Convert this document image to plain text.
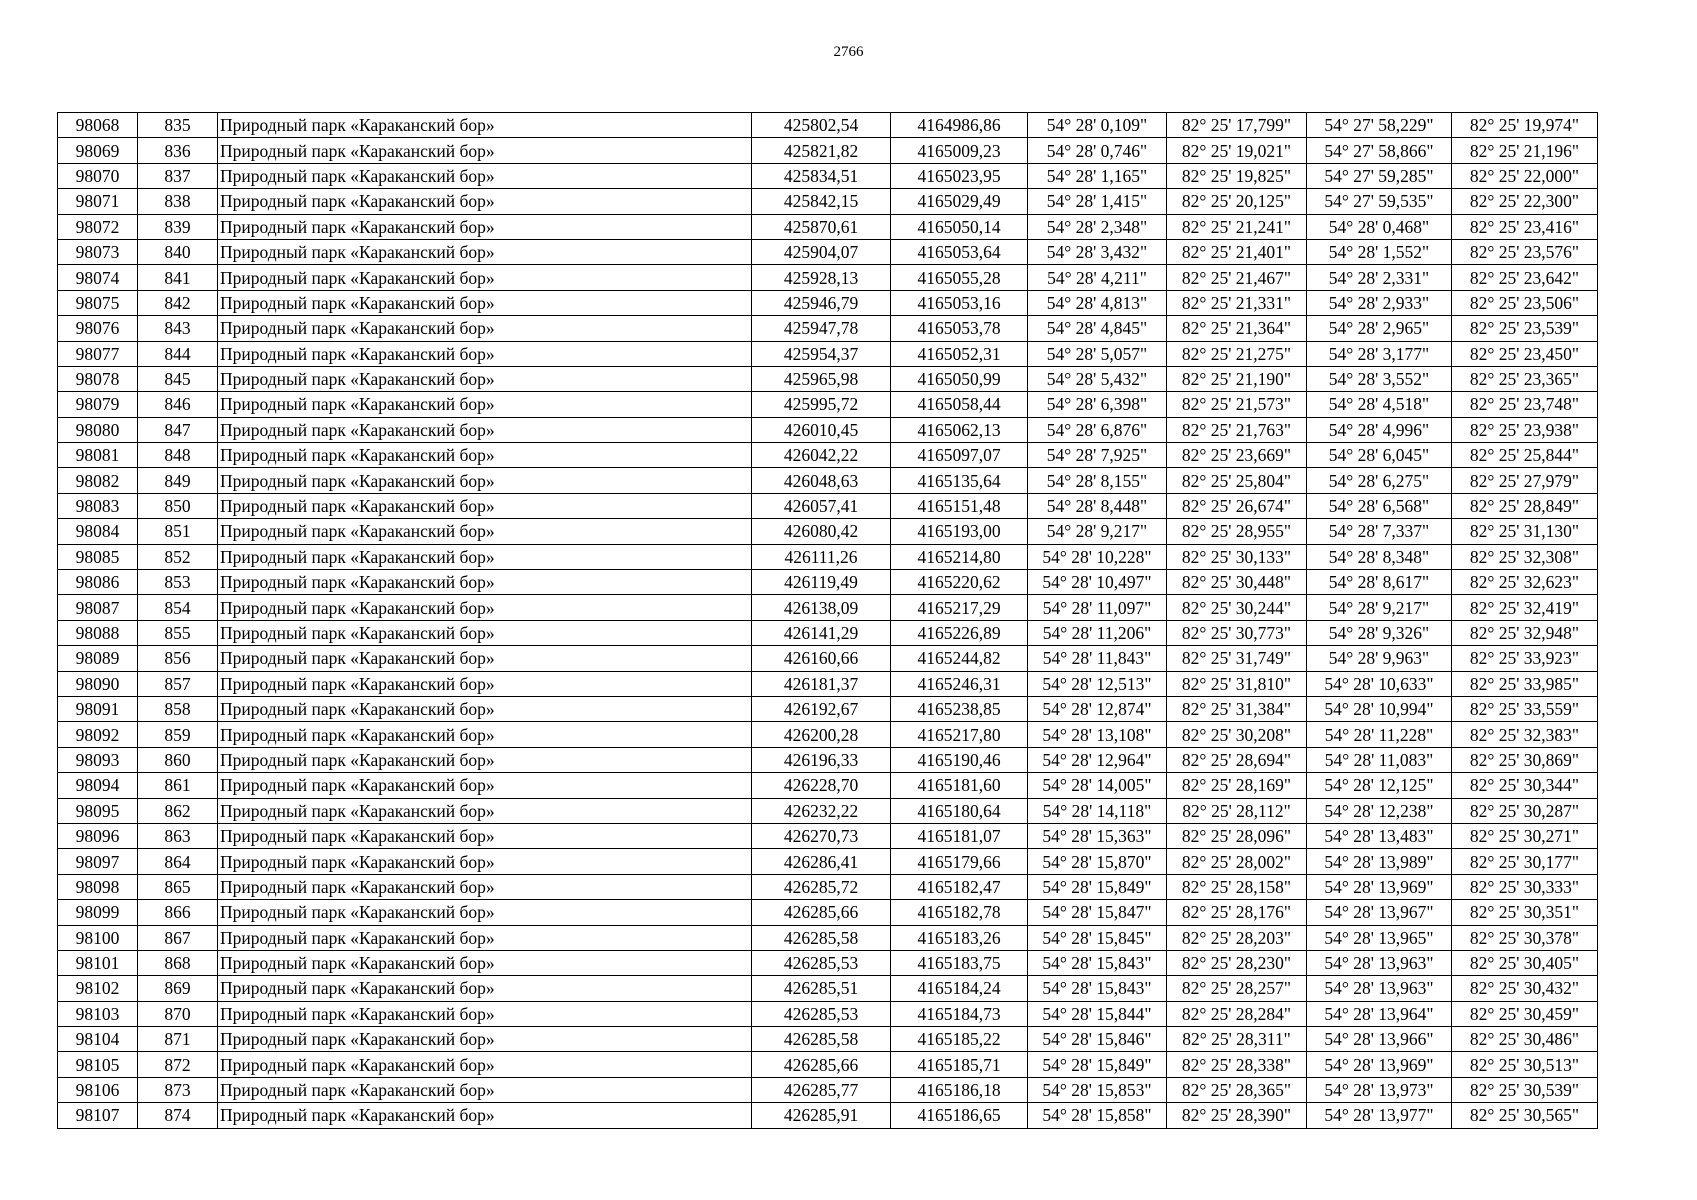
2766
98068	835	Природный парк «Караканский бор»	425802,54	4164986,86	54° 28' 0,109"	82° 25' 17,799"	54° 27' 58,229"	82° 25' 19,974"
98069	836	Природный парк «Караканский бор»	425821,82	4165009,23	54° 28' 0,746"	82° 25' 19,021"	54° 27' 58,866"	82° 25' 21,196"
98070	837	Природный парк «Караканский бор»	425834,51	4165023,95	54° 28' 1,165"	82° 25' 19,825"	54° 27' 59,285"	82° 25' 22,000"
98071	838	Природный парк «Караканский бор»	425842,15	4165029,49	54° 28' 1,415"	82° 25' 20,125"	54° 27' 59,535"	82° 25' 22,300"
98072	839	Природный парк «Караканский бор»	425870,61	4165050,14	54° 28' 2,348"	82° 25' 21,241"	54° 28' 0,468"	82° 25' 23,416"
98073	840	Природный парк «Караканский бор»	425904,07	4165053,64	54° 28' 3,432"	82° 25' 21,401"	54° 28' 1,552"	82° 25' 23,576"
98074	841	Природный парк «Караканский бор»	425928,13	4165055,28	54° 28' 4,211"	82° 25' 21,467"	54° 28' 2,331"	82° 25' 23,642"
98075	842	Природный парк «Караканский бор»	425946,79	4165053,16	54° 28' 4,813"	82° 25' 21,331"	54° 28' 2,933"	82° 25' 23,506"
98076	843	Природный парк «Караканский бор»	425947,78	4165053,78	54° 28' 4,845"	82° 25' 21,364"	54° 28' 2,965"	82° 25' 23,539"
98077	844	Природный парк «Караканский бор»	425954,37	4165052,31	54° 28' 5,057"	82° 25' 21,275"	54° 28' 3,177"	82° 25' 23,450"
98078	845	Природный парк «Караканский бор»	425965,98	4165050,99	54° 28' 5,432"	82° 25' 21,190"	54° 28' 3,552"	82° 25' 23,365"
98079	846	Природный парк «Караканский бор»	425995,72	4165058,44	54° 28' 6,398"	82° 25' 21,573"	54° 28' 4,518"	82° 25' 23,748"
98080	847	Природный парк «Караканский бор»	426010,45	4165062,13	54° 28' 6,876"	82° 25' 21,763"	54° 28' 4,996"	82° 25' 23,938"
98081	848	Природный парк «Караканский бор»	426042,22	4165097,07	54° 28' 7,925"	82° 25' 23,669"	54° 28' 6,045"	82° 25' 25,844"
98082	849	Природный парк «Караканский бор»	426048,63	4165135,64	54° 28' 8,155"	82° 25' 25,804"	54° 28' 6,275"	82° 25' 27,979"
98083	850	Природный парк «Караканский бор»	426057,41	4165151,48	54° 28' 8,448"	82° 25' 26,674"	54° 28' 6,568"	82° 25' 28,849"
98084	851	Природный парк «Караканский бор»	426080,42	4165193,00	54° 28' 9,217"	82° 25' 28,955"	54° 28' 7,337"	82° 25' 31,130"
98085	852	Природный парк «Караканский бор»	426111,26	4165214,80	54° 28' 10,228"	82° 25' 30,133"	54° 28' 8,348"	82° 25' 32,308"
98086	853	Природный парк «Караканский бор»	426119,49	4165220,62	54° 28' 10,497"	82° 25' 30,448"	54° 28' 8,617"	82° 25' 32,623"
98087	854	Природный парк «Караканский бор»	426138,09	4165217,29	54° 28' 11,097"	82° 25' 30,244"	54° 28' 9,217"	82° 25' 32,419"
98088	855	Природный парк «Караканский бор»	426141,29	4165226,89	54° 28' 11,206"	82° 25' 30,773"	54° 28' 9,326"	82° 25' 32,948"
98089	856	Природный парк «Караканский бор»	426160,66	4165244,82	54° 28' 11,843"	82° 25' 31,749"	54° 28' 9,963"	82° 25' 33,923"
98090	857	Природный парк «Караканский бор»	426181,37	4165246,31	54° 28' 12,513"	82° 25' 31,810"	54° 28' 10,633"	82° 25' 33,985"
98091	858	Природный парк «Караканский бор»	426192,67	4165238,85	54° 28' 12,874"	82° 25' 31,384"	54° 28' 10,994"	82° 25' 33,559"
98092	859	Природный парк «Караканский бор»	426200,28	4165217,80	54° 28' 13,108"	82° 25' 30,208"	54° 28' 11,228"	82° 25' 32,383"
98093	860	Природный парк «Караканский бор»	426196,33	4165190,46	54° 28' 12,964"	82° 25' 28,694"	54° 28' 11,083"	82° 25' 30,869"
98094	861	Природный парк «Караканский бор»	426228,70	4165181,60	54° 28' 14,005"	82° 25' 28,169"	54° 28' 12,125"	82° 25' 30,344"
98095	862	Природный парк «Караканский бор»	426232,22	4165180,64	54° 28' 14,118"	82° 25' 28,112"	54° 28' 12,238"	82° 25' 30,287"
98096	863	Природный парк «Караканский бор»	426270,73	4165181,07	54° 28' 15,363"	82° 25' 28,096"	54° 28' 13,483"	82° 25' 30,271"
98097	864	Природный парк «Караканский бор»	426286,41	4165179,66	54° 28' 15,870"	82° 25' 28,002"	54° 28' 13,989"	82° 25' 30,177"
98098	865	Природный парк «Караканский бор»	426285,72	4165182,47	54° 28' 15,849"	82° 25' 28,158"	54° 28' 13,969"	82° 25' 30,333"
98099	866	Природный парк «Караканский бор»	426285,66	4165182,78	54° 28' 15,847"	82° 25' 28,176"	54° 28' 13,967"	82° 25' 30,351"
98100	867	Природный парк «Караканский бор»	426285,58	4165183,26	54° 28' 15,845"	82° 25' 28,203"	54° 28' 13,965"	82° 25' 30,378"
98101	868	Природный парк «Караканский бор»	426285,53	4165183,75	54° 28' 15,843"	82° 25' 28,230"	54° 28' 13,963"	82° 25' 30,405"
98102	869	Природный парк «Караканский бор»	426285,51	4165184,24	54° 28' 15,843"	82° 25' 28,257"	54° 28' 13,963"	82° 25' 30,432"
98103	870	Природный парк «Караканский бор»	426285,53	4165184,73	54° 28' 15,844"	82° 25' 28,284"	54° 28' 13,964"	82° 25' 30,459"
98104	871	Природный парк «Караканский бор»	426285,58	4165185,22	54° 28' 15,846"	82° 25' 28,311"	54° 28' 13,966"	82° 25' 30,486"
98105	872	Природный парк «Караканский бор»	426285,66	4165185,71	54° 28' 15,849"	82° 25' 28,338"	54° 28' 13,969"	82° 25' 30,513"
98106	873	Природный парк «Караканский бор»	426285,77	4165186,18	54° 28' 15,853"	82° 25' 28,365"	54° 28' 13,973"	82° 25' 30,539"
98107	874	Природный парк «Караканский бор»	426285,91	4165186,65	54° 28' 15,858"	82° 25' 28,390"	54° 28' 13,977"	82° 25' 30,565"
